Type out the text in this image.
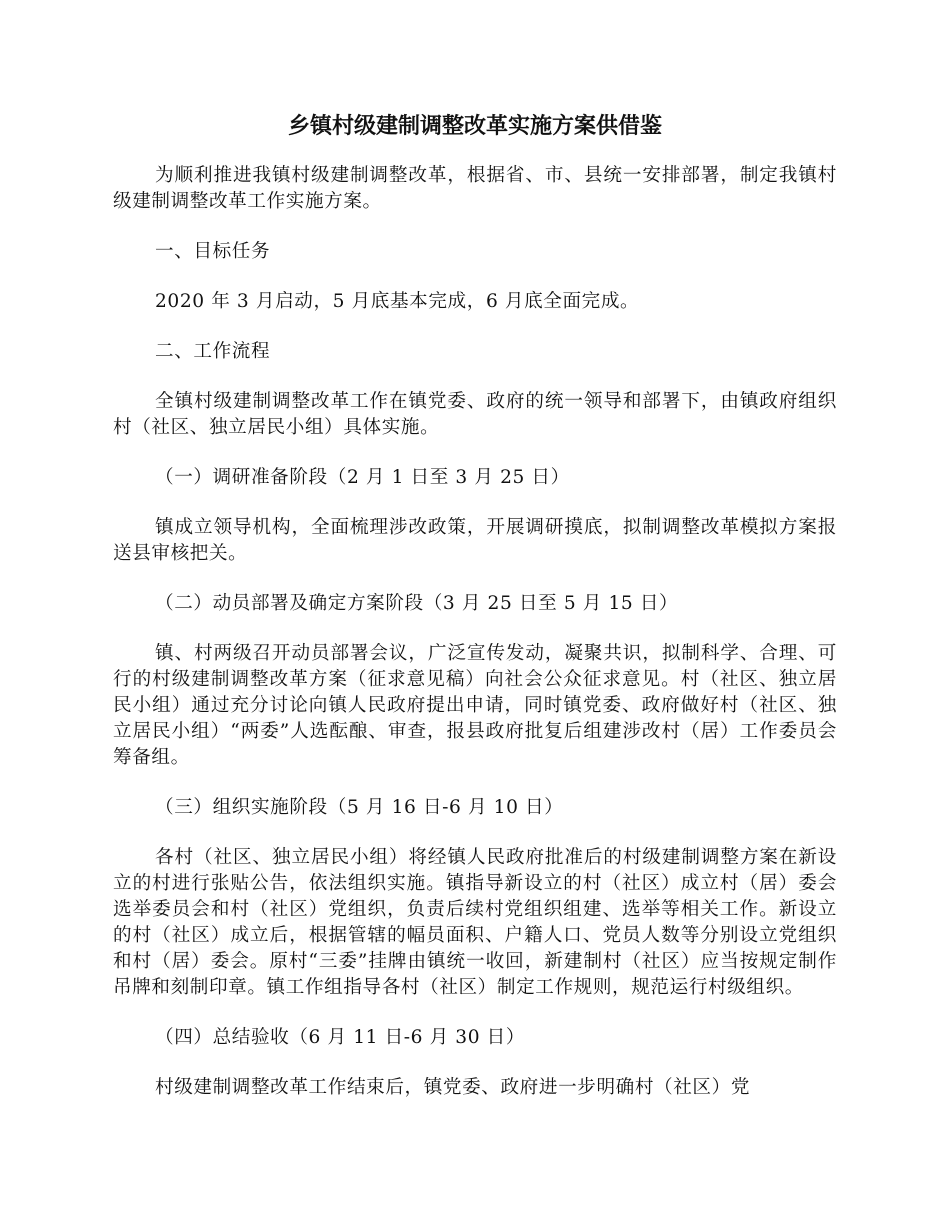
乡镇村级建制调整改革实施方案供借鉴

为顺利推进我镇村级建制调整改革，根据省、市、县统一安排部署，制定我镇村级建制调整改革工作实施方案。

一、目标任务

2020 年 3 月启动，5 月底基本完成，6 月底全面完成。

二、工作流程

全镇村级建制调整改革工作在镇党委、政府的统一领导和部署下，由镇政府组织村（社区、独立居民小组）具体实施。

（一）调研准备阶段（2 月 1 日至 3 月 25 日）

镇成立领导机构，全面梳理涉改政策，开展调研摸底，拟制调整改革模拟方案报送县审核把关。

（二）动员部署及确定方案阶段（3 月 25 日至 5 月 15 日）

镇、村两级召开动员部署会议，广泛宣传发动，凝聚共识，拟制科学、合理、可行的村级建制调整改革方案（征求意见稿）向社会公众征求意见。村（社区、独立居民小组）通过充分讨论向镇人民政府提出申请，同时镇党委、政府做好村（社区、独立居民小组）“两委”人选酝酿、审查，报县政府批复后组建涉改村（居）工作委员会筹备组。

（三）组织实施阶段（5 月 16 日-6 月 10 日）

各村（社区、独立居民小组）将经镇人民政府批准后的村级建制调整方案在新设立的村进行张贴公告，依法组织实施。镇指导新设立的村（社区）成立村（居）委会选举委员会和村（社区）党组织，负责后续村党组织组建、选举等相关工作。新设立的村（社区）成立后，根据管辖的幅员面积、户籍人口、党员人数等分别设立党组织和村（居）委会。原村“三委”挂牌由镇统一收回，新建制村（社区）应当按规定制作吊牌和刻制印章。镇工作组指导各村（社区）制定工作规则，规范运行村级组织。

（四）总结验收（6 月 11 日-6 月 30 日）

村级建制调整改革工作结束后，镇党委、政府进一步明确村（社区）党
